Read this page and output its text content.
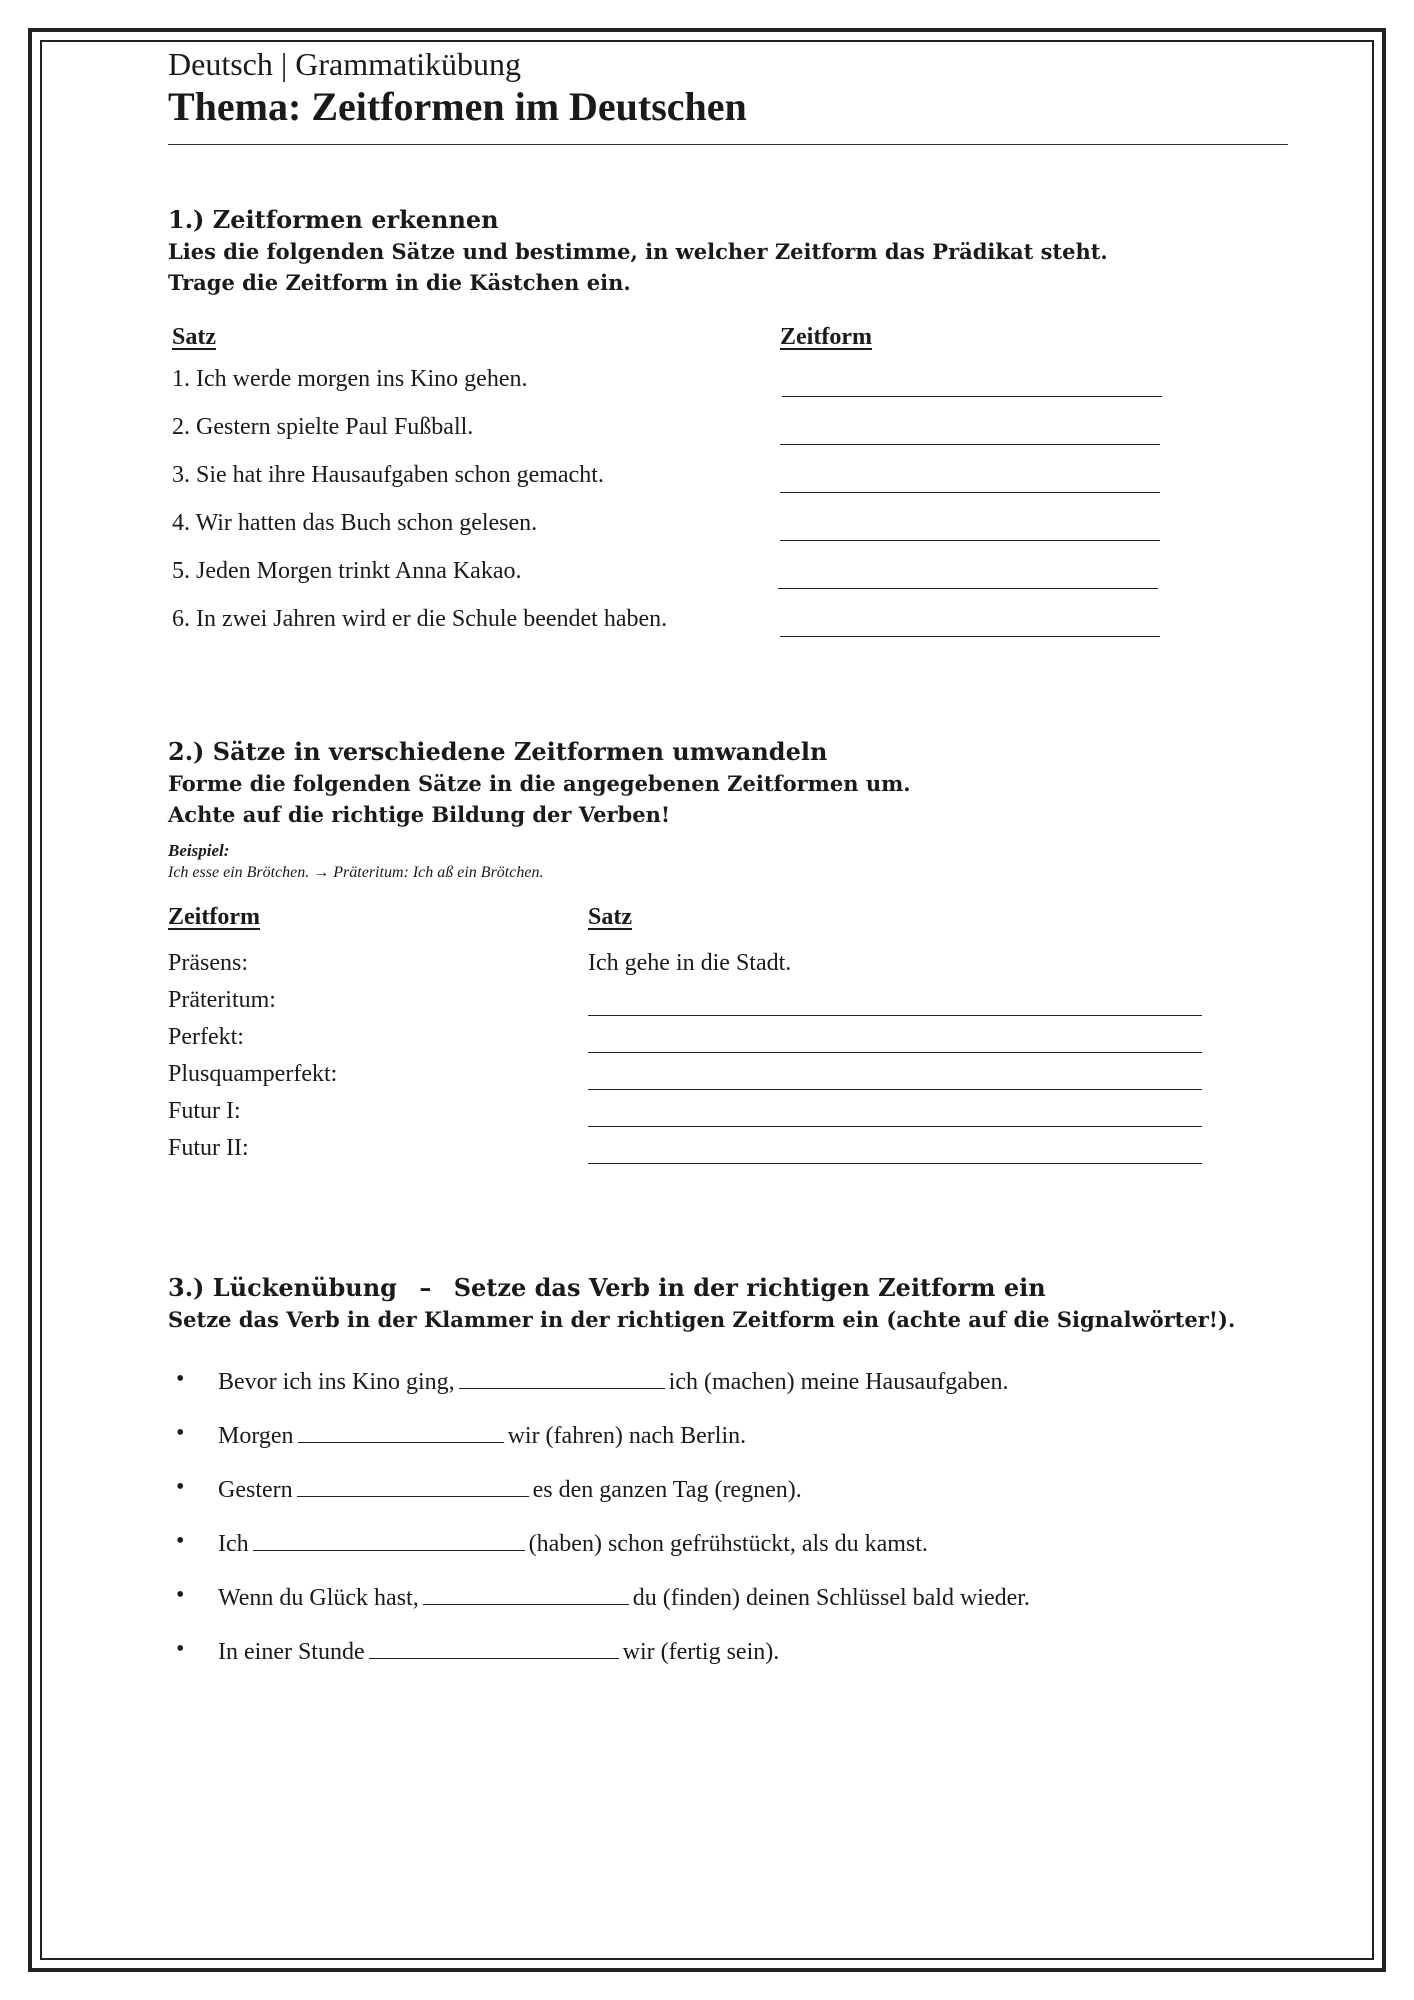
Deutsch | Grammatikübung
Thema: Zeitformen im Deutschen
1.) Zeitformen erkennen
Lies die folgenden Sätze und bestimme, in welcher Zeitform das Prädikat steht.
Trage die Zeitform in die Kästchen ein.
Satz	Zeitform
1. Ich werde morgen ins Kino gehen.
2. Gestern spielte Paul Fußball.
3. Sie hat ihre Hausaufgaben schon gemacht.
4. Wir hatten das Buch schon gelesen.
5. Jeden Morgen trinkt Anna Kakao.
6. In zwei Jahren wird er die Schule beendet haben.
2.) Sätze in verschiedene Zeitformen umwandeln
Forme die folgenden Sätze in die angegebenen Zeitformen um.
Achte auf die richtige Bildung der Verben!
Beispiel:
Ich esse ein Brötchen. → Präteritum: Ich aß ein Brötchen.
Zeitform	Satz
Präsens:	Ich gehe in die Stadt.
Präteritum:
Perfekt:
Plusquamperfekt:
Futur I:
Futur II:
3.) Lückenübung – Setze das Verb in der richtigen Zeitform ein
Setze das Verb in der Klammer in der richtigen Zeitform ein (achte auf die Signalwörter!).
• Bevor ich ins Kino ging,	ich (machen) meine Hausaufgaben.
• Morgen	wir (fahren) nach Berlin.
• Gestern	es den ganzen Tag (regnen).
• Ich	(haben) schon gefrühstückt, als du kamst.
• Wenn du Glück hast,	du (finden) deinen Schlüssel bald wieder.
• In einer Stunde	wir (fertig sein).
